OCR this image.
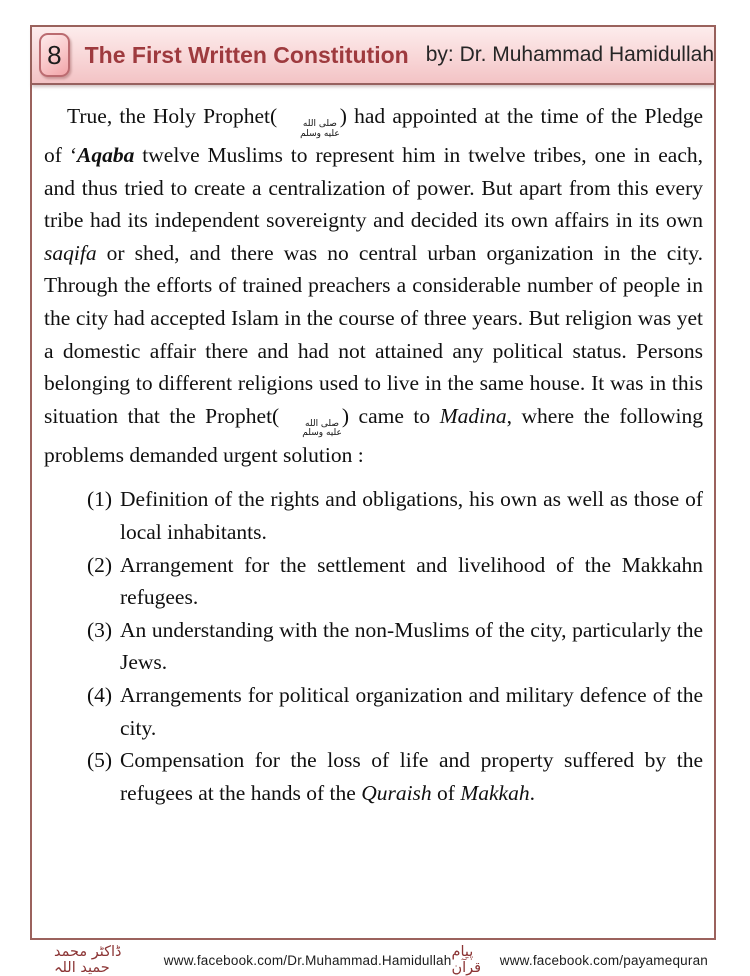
8	The First Written Constitution by: Dr. Muhammad Hamidullah

True, the Holy Prophet(	صلى الله
عليه وسلم
) had appointed at the time of the Pledge of ‘Aqaba twelve Muslims to represent him in twelve tribes, one in each, and thus tried to create a centralization of power. But apart from this every tribe had its independent sovereignty and decided its own affairs in its own saqifa or shed, and there was no central urban organization in the city. Through the efforts of trained preachers a considerable number of people in the city had accepted Islam in the course of three years. But religion was yet a domestic affair there and had not attained any political status. Persons belonging to different religions used to live in the same house. It was in this situation that the Prophet(	صلى الله
عليه وسلم
) came to Madina, where the following problems demanded urgent solution :

(1) Definition of the rights and obligations, his own as well as those of local inhabitants.
(2) Arrangement for the settlement and livelihood of the Makkahn refugees.
(3) An understanding with the non-Muslims of the city, particularly the Jews.
(4) Arrangements for political organization and military defence of the city.
(5) Compensation for the loss of life and property suffered by the refugees at the hands of the Quraish of Makkah.
ڈاکٹر محمد حمید اللہ	www.facebook.com/Dr.Muhammad.Hamidullah پیام قرآن	www.facebook.com/payamequran
